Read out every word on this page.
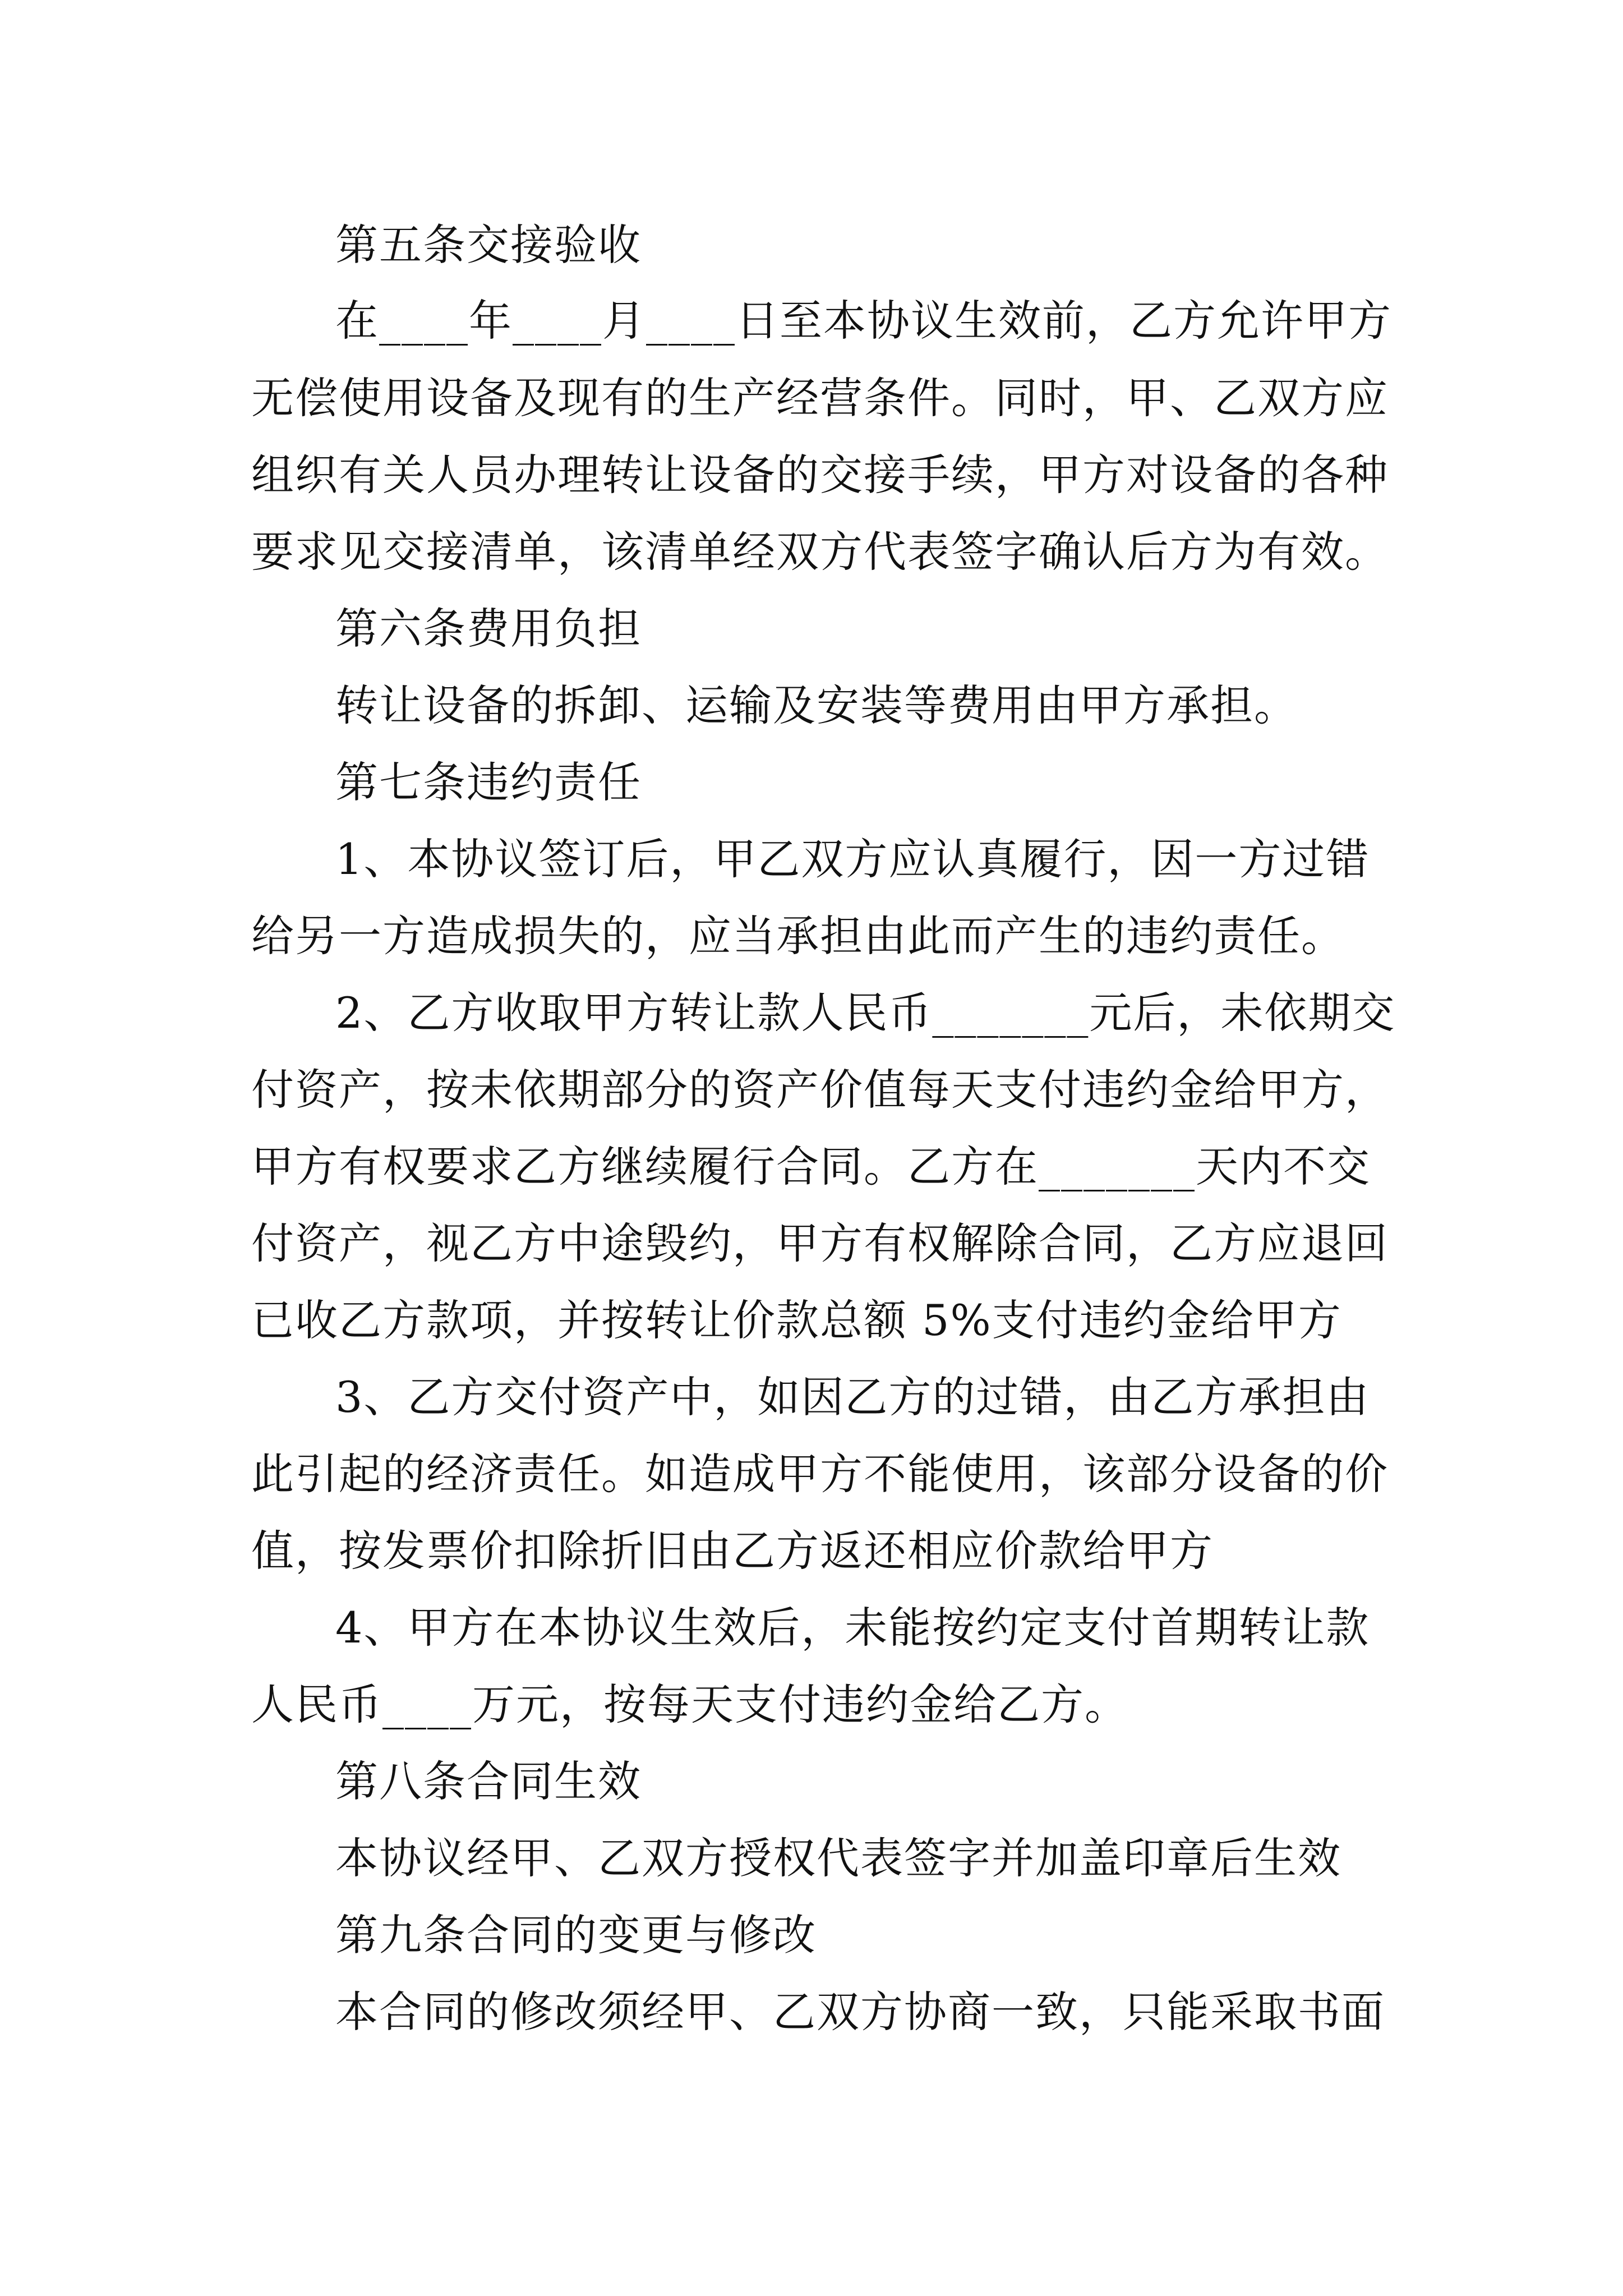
第五条交接验收
在____年____月____日至本协议生效前，乙方允许甲方
无偿使用设备及现有的生产经营条件。同时，甲、乙双方应
组织有关人员办理转让设备的交接手续，甲方对设备的各种
要求见交接清单，该清单经双方代表签字确认后方为有效。
第六条费用负担
转让设备的拆卸、运输及安装等费用由甲方承担。
第七条违约责任
1、本协议签订后，甲乙双方应认真履行，因一方过错
给另一方造成损失的，应当承担由此而产生的违约责任。
2、乙方收取甲方转让款人民币_______元后，未依期交
付资产，按未依期部分的资产价值每天支付违约金给甲方，
甲方有权要求乙方继续履行合同。乙方在_______天内不交
付资产，视乙方中途毁约，甲方有权解除合同，乙方应退回
已收乙方款项，并按转让价款总额 5%支付违约金给甲方
3、乙方交付资产中，如因乙方的过错，由乙方承担由
此引起的经济责任。如造成甲方不能使用，该部分设备的价
值，按发票价扣除折旧由乙方返还相应价款给甲方
4、甲方在本协议生效后，未能按约定支付首期转让款
人民币____万元，按每天支付违约金给乙方。
第八条合同生效
本协议经甲、乙双方授权代表签字并加盖印章后生效
第九条合同的变更与修改
本合同的修改须经甲、乙双方协商一致，只能采取书面
